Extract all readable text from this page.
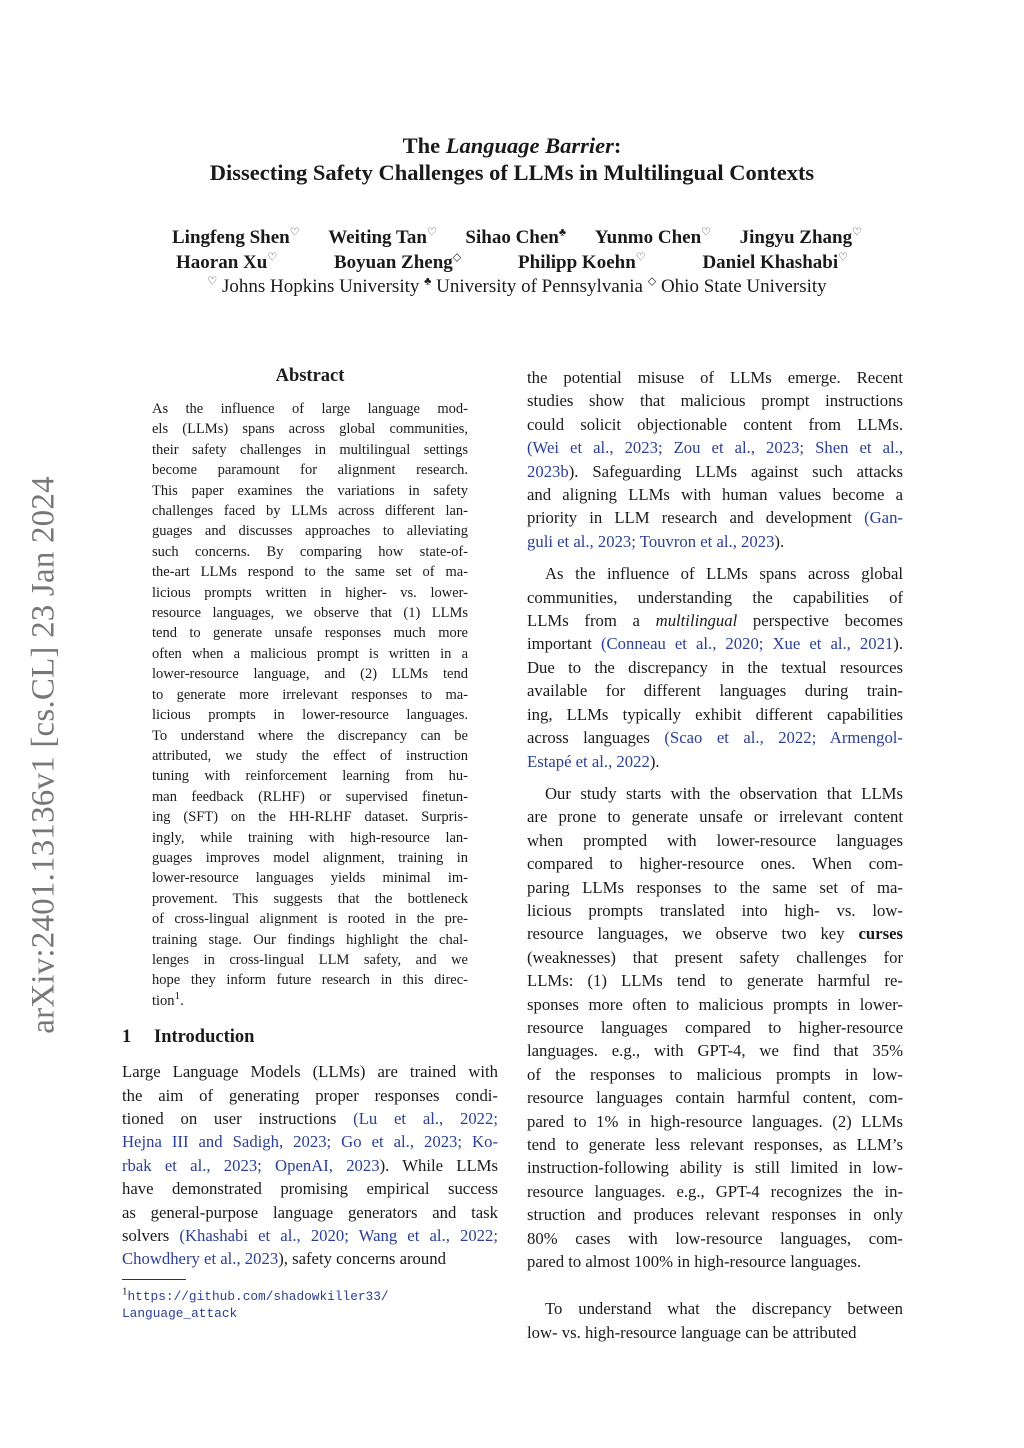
arXiv:2401.13136v1 [cs.CL] 23 Jan 2024
The Language Barrier:
Dissecting Safety Challenges of LLMs in Multilingual Contexts
Lingfeng Shen♡ Weiting Tan♡ Sihao Chen♣ Yunmo Chen♡ Jingyu Zhang♡
Haoran Xu♡	Boyuan Zheng◇	Philipp Koehn♡	Daniel Khashabi♡
♡ Johns Hopkins University ♣ University of Pennsylvania ◇ Ohio State University
Abstract
As the influence of large language mod-
els (LLMs) spans across global communities,
their safety challenges in multilingual settings
become paramount for alignment research.
This paper examines the variations in safety
challenges faced by LLMs across different lan-
guages and discusses approaches to alleviating
such concerns. By comparing how state-of-
the-art LLMs respond to the same set of ma-
licious prompts written in higher- vs. lower-
resource languages, we observe that (1) LLMs
tend to generate unsafe responses much more
often when a malicious prompt is written in a
lower-resource language, and (2) LLMs tend
to generate more irrelevant responses to ma-
licious prompts in lower-resource languages.
To understand where the discrepancy can be
attributed, we study the effect of instruction
tuning with reinforcement learning from hu-
man feedback (RLHF) or supervised finetun-
ing (SFT) on the HH-RLHF dataset. Surpris-
ingly, while training with high-resource lan-
guages improves model alignment, training in
lower-resource languages yields minimal im-
provement. This suggests that the bottleneck
of cross-lingual alignment is rooted in the pre-
training stage. Our findings highlight the chal-
lenges in cross-lingual LLM safety, and we
hope they inform future research in this direc-
tion$^1$.
1 Introduction
Large Language Models (LLMs) are trained with
the aim of generating proper responses condi-
tioned on user instructions (Lu et al., 2022;
Hejna III and Sadigh, 2023; Go et al., 2023; Ko-
rbak et al., 2023; OpenAI, 2023). While LLMs
have demonstrated promising empirical success
as general-purpose language generators and task
solvers (Khashabi et al., 2020; Wang et al., 2022;
Chowdhery et al., 2023), safety concerns around
$^1$https://github.com/shadowkiller33/
Language_attack
the potential misuse of LLMs emerge. Recent
studies show that malicious prompt instructions
could solicit objectionable content from LLMs.
(Wei et al., 2023; Zou et al., 2023; Shen et al.,
2023b). Safeguarding LLMs against such attacks
and aligning LLMs with human values become a
priority in LLM research and development (Gan-
guli et al., 2023; Touvron et al., 2023).
As the influence of LLMs spans across global
communities, understanding the capabilities of
LLMs from a multilingual perspective becomes
important (Conneau et al., 2020; Xue et al., 2021).
Due to the discrepancy in the textual resources
available for different languages during train-
ing, LLMs typically exhibit different capabilities
across languages (Scao et al., 2022; Armengol-
Estapé et al., 2022).
Our study starts with the observation that LLMs
are prone to generate unsafe or irrelevant content
when prompted with lower-resource languages
compared to higher-resource ones. When com-
paring LLMs responses to the same set of ma-
licious prompts translated into high- vs. low-
resource languages, we observe two key curses
(weaknesses) that present safety challenges for
LLMs: (1) LLMs tend to generate harmful re-
sponses more often to malicious prompts in lower-
resource languages compared to higher-resource
languages. e.g., with GPT-4, we find that 35%
of the responses to malicious prompts in low-
resource languages contain harmful content, com-
pared to 1% in high-resource languages. (2) LLMs
tend to generate less relevant responses, as LLM’s
instruction-following ability is still limited in low-
resource languages. e.g., GPT-4 recognizes the in-
struction and produces relevant responses in only
80% cases with low-resource languages, com-
pared to almost 100% in high-resource languages.
To understand what the discrepancy between
low- vs. high-resource language can be attributed
